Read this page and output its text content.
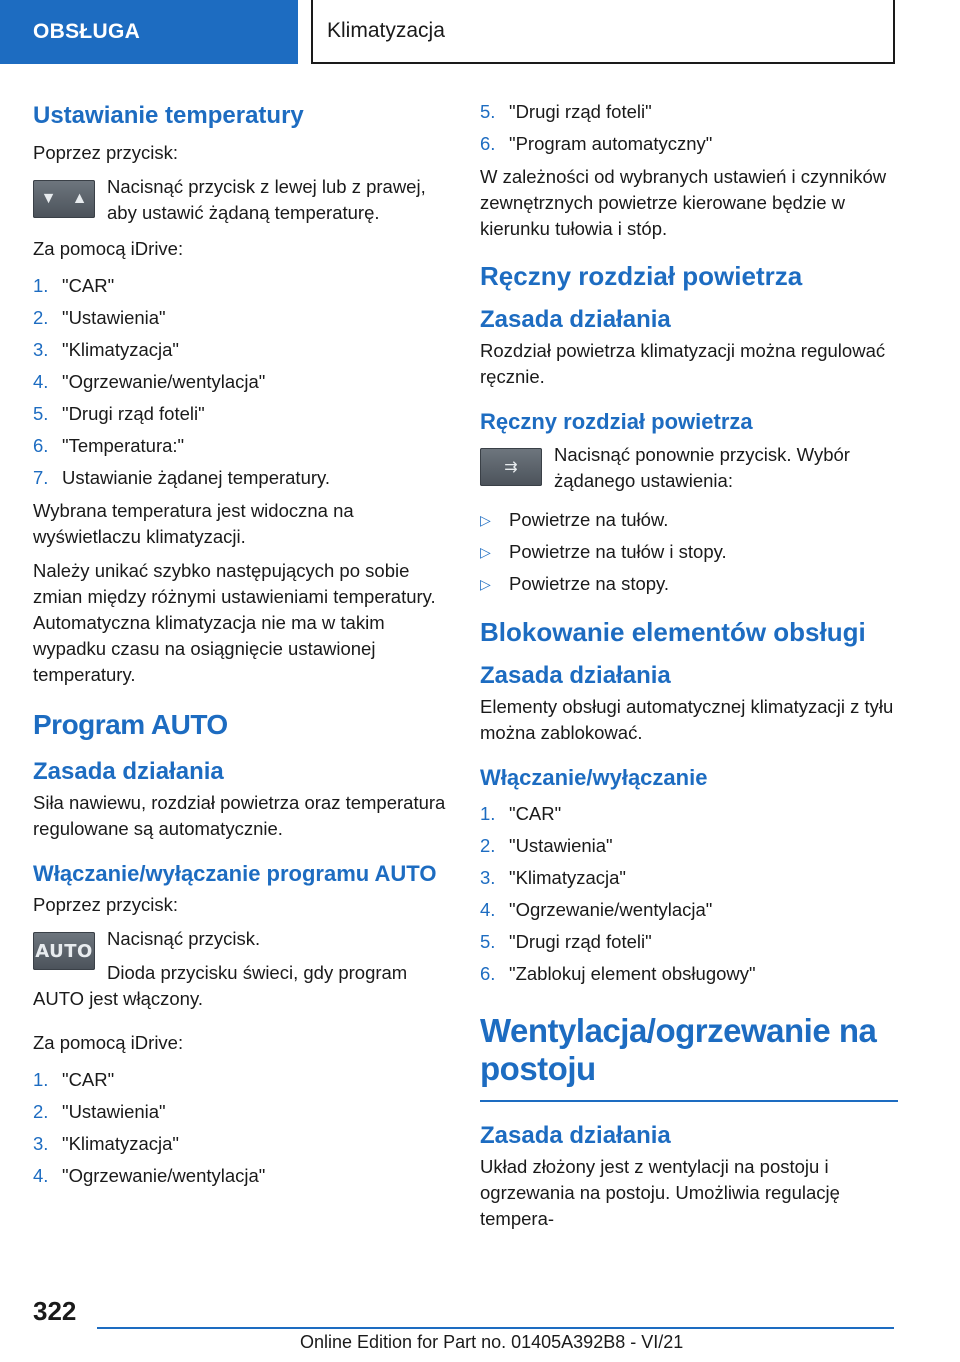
OBSŁUGA	Klimatyzacja
Ustawianie temperatury

Poprzez przycisk:

▼ ▲

Nacisnąć przycisk z lewej lub z prawej, aby ustawić żądaną temperaturę.

Za pomocą iDrive:

1. "CAR"
2. "Ustawienia"
3. "Klimatyzacja"
4. "Ogrzewanie/wentylacja"
5. "Drugi rząd foteli"
6. "Temperatura:"
7. Ustawianie żądanej temperatury.

Wybrana temperatura jest widoczna na wyświetlaczu klimatyzacji.

Należy unikać szybko następujących po sobie zmian między różnymi ustawieniami temperatury. Automatyczna klimatyzacja nie ma w takim wypadku czasu na osiągnięcie ustawionej temperatury.

Program AUTO
Zasada działania

Siła nawiewu, rozdział powietrza oraz temperatura regulowane są automatycznie.

Włączanie/wyłączanie programu AUTO

Poprzez przycisk:

AUTO

Nacisnąć przycisk.

Dioda przycisku świeci, gdy program AUTO jest włączony.

Za pomocą iDrive:

1. "CAR"
2. "Ustawienia"
3. "Klimatyzacja"
4. "Ogrzewanie/wentylacja"
5. "Drugi rząd foteli"
6. "Program automatyczny"

W zależności od wybranych ustawień i czynników zewnętrznych powietrze kierowane będzie w kierunku tułowia i stóp.

Ręczny rozdział powietrza
Zasada działania

Rozdział powietrza klimatyzacji można regulować ręcznie.

Ręczny rozdział powietrza
⇉

Nacisnąć ponownie przycisk. Wybór żądanego ustawienia:

▷ Powietrze na tułów.
▷ Powietrze na tułów i stopy.
▷ Powietrze na stopy.
Blokowanie elementów obsługi
Zasada działania

Elementy obsługi automatycznej klimatyzacji z tyłu można zablokować.

Włączanie/wyłączanie
1. "CAR"
2. "Ustawienia"
3. "Klimatyzacja"
4. "Ogrzewanie/wentylacja"
5. "Drugi rząd foteli"
6. "Zablokuj element obsługowy"
Wentylacja/ogrzewanie na postoju
Zasada działania

Układ złożony jest z wentylacji na postoju i ogrzewania na postoju. Umożliwia regulację tempera-

322
Online Edition for Part no. 01405A392B8 - VI/21
